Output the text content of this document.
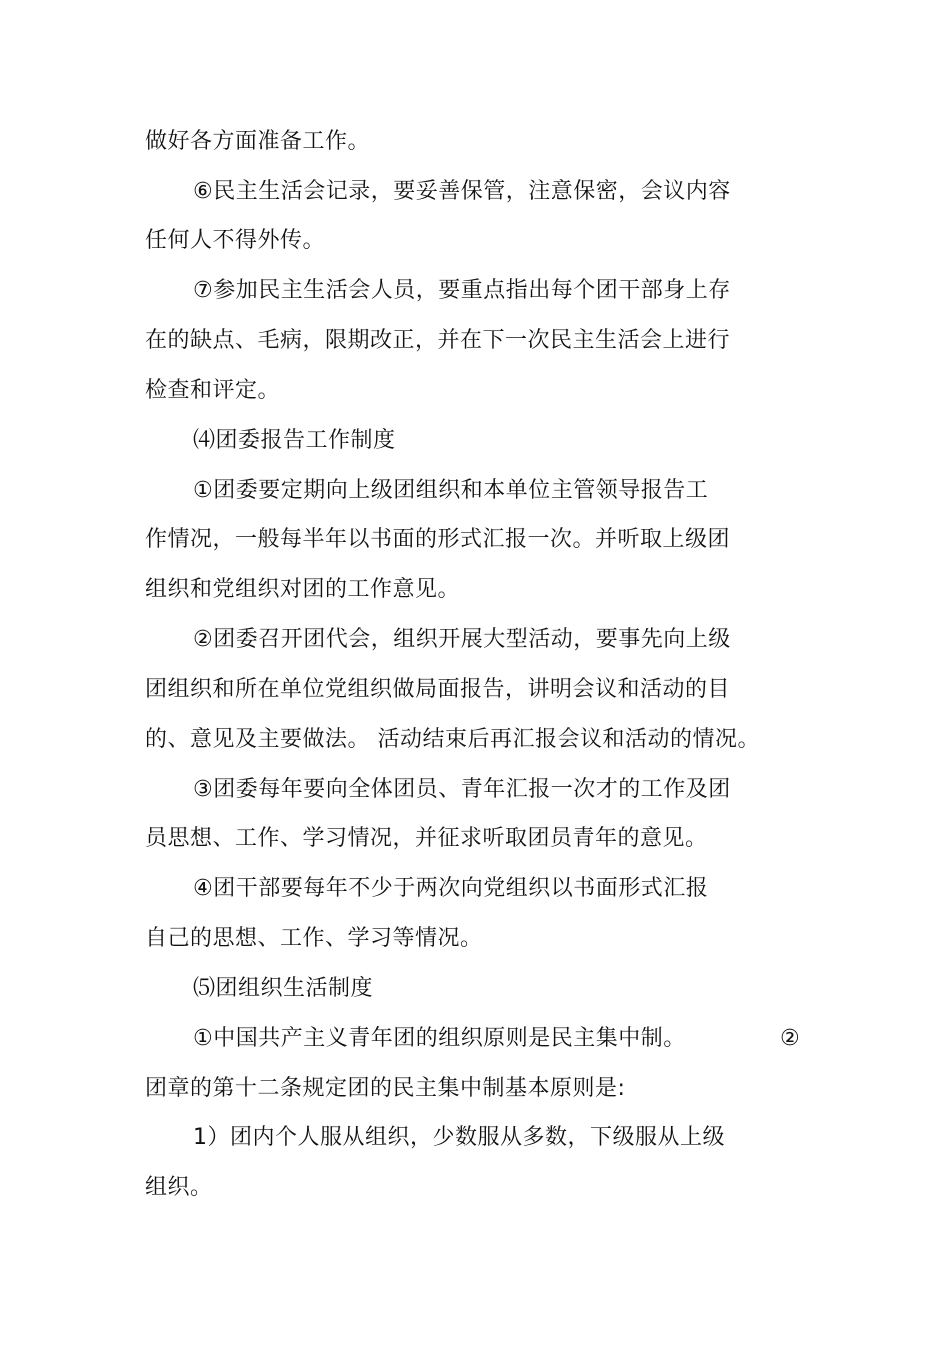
做好各方面准备工作。
⑥民主生活会记录，要妥善保管，注意保密，会议内容
任何人不得外传。
⑦参加民主生活会人员，要重点指出每个团干部身上存
在的缺点、毛病，限期改正，并在下一次民主生活会上进行
检查和评定。
⑷团委报告工作制度
①团委要定期向上级团组织和本单位主管领导报告工
作情况，一般每半年以书面的形式汇报一次。并听取上级团
组织和党组织对团的工作意见。
②团委召开团代会，组织开展大型活动，要事先向上级
团组织和所在单位党组织做局面报告，讲明会议和活动的目
的、意见及主要做法。 活动结束后再汇报会议和活动的情况。
③团委每年要向全体团员、青年汇报一次才的工作及团
员思想、工作、学习情况，并征求听取团员青年的意见。
④团干部要每年不少于两次向党组织以书面形式汇报
自己的思想、工作、学习等情况。
⑸团组织生活制度
①中国共产主义青年团的组织原则是民主集中制。	②
团章的第十二条规定团的民主集中制基本原则是:
1）团内个人服从组织，少数服从多数，下级服从上级
组织。
